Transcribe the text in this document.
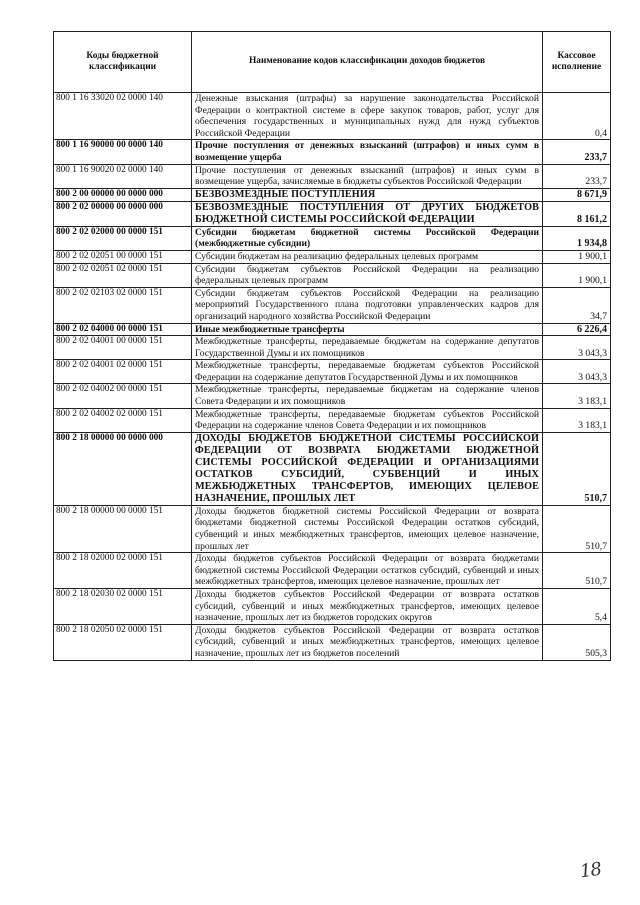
Коды бюджетной классификации	Наименование кодов классификации доходов бюджетов	Кассовое исполнение
800 1 16 33020 02 0000 140	Денежные взыскания (штрафы) за нарушение законодательства Российской Федерации о контрактной системе в сфере закупок товаров, работ, услуг для обеспечения государственных и муниципальных нужд для нужд субъектов Российской Федерации	0,4
800 1 16 90000 00 0000 140	Прочие поступления от денежных взысканий (штрафов) и иных сумм в возмещение ущерба	233,7
800 1 16 90020 02 0000 140	Прочие поступления от денежных взысканий (штрафов) и иных сумм в возмещение ущерба, зачисляемые в бюджеты субъектов Российской Федерации	233,7
800 2 00 00000 00 0000 000	БЕЗВОЗМЕЗДНЫЕ ПОСТУПЛЕНИЯ	8 671,9
800 2 02 00000 00 0000 000	БЕЗВОЗМЕЗДНЫЕ ПОСТУПЛЕНИЯ ОТ ДРУГИХ БЮДЖЕТОВ БЮДЖЕТНОЙ СИСТЕМЫ РОССИЙСКОЙ ФЕДЕРАЦИИ	8 161,2
800 2 02 02000 00 0000 151	Субсидии бюджетам бюджетной системы Российской Федерации (межбюджетные субсидии)	1 934,8
800 2 02 02051 00 0000 151	Субсидии бюджетам на реализацию федеральных целевых программ	1 900,1
800 2 02 02051 02 0000 151	Субсидии бюджетам субъектов Российской Федерации на реализацию федеральных целевых программ	1 900,1
800 2 02 02103 02 0000 151	Субсидии бюджетам субъектов Российской Федерации на реализацию мероприятий Государственного плана подготовки управленческих кадров для организаций народного хозяйства Российской Федерации	34,7
800 2 02 04000 00 0000 151	Иные межбюджетные трансферты	6 226,4
800 2 02 04001 00 0000 151	Межбюджетные трансферты, передаваемые бюджетам на содержание депутатов Государственной Думы и их помощников	3 043,3
800 2 02 04001 02 0000 151	Межбюджетные трансферты, передаваемые бюджетам субъектов Российской Федерации на содержание депутатов Государственной Думы и их помощников	3 043,3
800 2 02 04002 00 0000 151	Межбюджетные трансферты, передаваемые бюджетам на содержание членов Совета Федерации и их помощников	3 183,1
800 2 02 04002 02 0000 151	Межбюджетные трансферты, передаваемые бюджетам субъектов Российской Федерации на содержание членов Совета Федерации и их помощников	3 183,1
800 2 18 00000 00 0000 000	ДОХОДЫ БЮДЖЕТОВ БЮДЖЕТНОЙ СИСТЕМЫ РОССИЙСКОЙ ФЕДЕРАЦИИ ОТ ВОЗВРАТА БЮДЖЕТАМИ БЮДЖЕТНОЙ СИСТЕМЫ РОССИЙСКОЙ ФЕДЕРАЦИИ И ОРГАНИЗАЦИЯМИ ОСТАТКОВ СУБСИДИЙ, СУБВЕНЦИЙ И ИНЫХ МЕЖБЮДЖЕТНЫХ ТРАНСФЕРТОВ, ИМЕЮЩИХ ЦЕЛЕВОЕ НАЗНАЧЕНИЕ, ПРОШЛЫХ ЛЕТ	510,7
800 2 18 00000 00 0000 151	Доходы бюджетов бюджетной системы Российской Федерации от возврата бюджетами бюджетной системы Российской Федерации остатков субсидий, субвенций и иных межбюджетных трансфертов, имеющих целевое назначение, прошлых лет	510,7
800 2 18 02000 02 0000 151	Доходы бюджетов субъектов Российской Федерации от возврата бюджетами бюджетной системы Российской Федерации остатков субсидий, субвенций и иных межбюджетных трансфертов, имеющих целевое назначение, прошлых лет	510,7
800 2 18 02030 02 0000 151	Доходы бюджетов субъектов Российской Федерации от возврата остатков субсидий, субвенций и иных межбюджетных трансфертов, имеющих целевое назначение, прошлых лет из бюджетов городских округов	5,4
800 2 18 02050 02 0000 151	Доходы бюджетов субъектов Российской Федерации от возврата остатков субсидий, субвенций и иных межбюджетных трансфертов, имеющих целевое назначение, прошлых лет из бюджетов поселений	505,3
18
